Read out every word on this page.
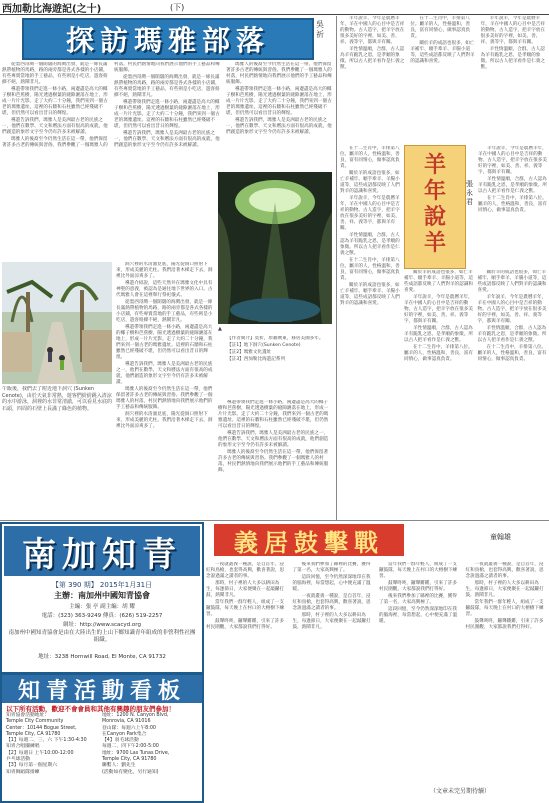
西加勒比海遊記(之十)	(下)
探訪瑪雅部落	吳 祈

從墨西哥灣一個開闊的海灣出發，就是一條長滿熱帶植物的馬路，路的兩旁都是各式各樣的小店鋪，有些專賣當地的手工藝品，有些則是小吃店，遊客絡繹不絕，熱鬧非凡。

導遊帶領我們走進一條小路，兩邊盡是高大的椰子樹和芭蕉樹，陽光透過樹葉的縫隙灑落在地上，形成一片片光影。走了大約二十分鐘，我們來到一個古老的瑪雅遺址。這裡的石牆和石柱雖然已經殘破不堪，但仍然可以看出昔日的輝煌。

導遊告訴我們，瑪雅人是美洲最古老的民族之一，他們在數學、天文和曆法方面有很高的成就，他們創造的象形文字至今仍有許多未被解讀。

瑪雅人的後裔至今仍然生活在這一帶，他們保留著許多古老的傳統與習俗。我們參觀了一個瑪雅人的村落，村民們熱情地向我們展示他們的手工藝品和傳統服飾。

從墨西哥灣一個開闊的海灣出發，就是一條長滿熱帶植物的馬路，路的兩旁都是各式各樣的小店鋪，有些專賣當地的手工藝品，有些則是小吃店，遊客絡繹不絕，熱鬧非凡。

導遊帶領我們走進一條小路，兩邊盡是高大的椰子樹和芭蕉樹，陽光透過樹葉的縫隙灑落在地上，形成一片片光影。走了大約二十分鐘，我們來到一個古老的瑪雅遺址。這裡的石牆和石柱雖然已經殘破不堪，但仍然可以看出昔日的輝煌。

導遊告訴我們，瑪雅人是美洲最古老的民族之一，他們在數學、天文和曆法方面有很高的成就，他們創造的象形文字至今仍有許多未被解讀。

瑪雅人的後裔至今仍然生活在這一帶，他們保留著許多古老的傳統與習俗。我們參觀了一個瑪雅人的村落，村民們熱情地向我們展示他們的手工藝品和傳統服飾。

導遊帶領我們走進一條小路，兩邊盡是高大的椰子樹和芭蕉樹，陽光透過樹葉的縫隙灑落在地上，形成一片片光影。走了大約二十分鐘，我們來到一個古老的瑪雅遺址。這裡的石牆和石柱雖然已經殘破不堪，但仍然可以看出昔日的輝煌。

導遊告訴我們，瑪雅人是美洲最古老的民族之一，他們在數學、天文和曆法方面有很高的成就，他們創造的象形文字至今仍有許多未被解讀。

午飯後，我們去了附近地下洞穴 (Sunken Cenote)，由於天氣非常熱，遊客們紛紛跳入清涼的水中游泳，洞裡的水非常清澈，可以看見水底的石頭，四周的石壁上長滿了綠色的植物。

洞穴裡的水清澈見底，陽光從洞口照射下來，形成美麗的光柱。我們沿著木梯走下去，洞裡比外面涼爽多了。

導遊介紹說，這些天然井在瑪雅文化中具有神聖的意義，被認為是通往地下世界的入口。古代瑪雅人會在這裡舉行祭祀儀式。

從墨西哥灣一個開闊的海灣出發，就是一條長滿熱帶植物的馬路，路的兩旁都是各式各樣的小店鋪，有些專賣當地的手工藝品，有些則是小吃店，遊客絡繹不絕，熱鬧非凡。

導遊帶領我們走進一條小路，兩邊盡是高大的椰子樹和芭蕉樹，陽光透過樹葉的縫隙灑落在地上，形成一片片光影。走了大約二十分鐘，我們來到一個古老的瑪雅遺址。這裡的石牆和石柱雖然已經殘破不堪，但仍然可以看出昔日的輝煌。

導遊告訴我們，瑪雅人是美洲最古老的民族之一，他們在數學、天文和曆法方面有很高的成就，他們創造的象形文字至今仍有許多未被解讀。

瑪雅人的後裔至今仍然生活在這一帶，他們保留著許多古老的傳統與習俗。我們參觀了一個瑪雅人的村落，村民們熱情地向我們展示他們的手工藝品和傳統服飾。

洞穴裡的水清澈見底，陽光從洞口照射下來，形成美麗的光柱。我們沿著木梯走下去，洞裡比外面涼爽多了。

▲

【作者簡介】莫祈，原籍廣東，移居美國多年。

【註1】地下洞穴(Sunken Cenote)

【註2】瑪雅文化遺址

【註3】西加勒比海遊記系列

導遊帶領我們走進一條小路，兩邊盡是高大的椰子樹和芭蕉樹，陽光透過樹葉的縫隙灑落在地上，形成一片片光影。走了大約二十分鐘，我們來到一個古老的瑪雅遺址。這裡的石牆和石柱雖然已經殘破不堪，但仍然可以看出昔日的輝煌。

導遊告訴我們，瑪雅人是美洲最古老的民族之一，他們在數學、天文和曆法方面有很高的成就，他們創造的象形文字至今仍有許多未被解讀。

瑪雅人的後裔至今仍然生活在這一帶，他們保留著許多古老的傳統與習俗。我們參觀了一個瑪雅人的村落，村民們熱情地向我們展示他們的手工藝品和傳統服飾。

羊年說羊，今年是農曆羊年，羊在中國人的心目中是吉祥的動物。古人造字，把羊字放在很多美好的字裡，如美、善、祥、義等字，都與羊有關。

羊性情溫順，合群，古人認為羊有跪乳之恩，是孝順的象徵。所以古人把羊看作是仁義之獸。

在十二生肖中，羊排第八位。屬羊的人，性格溫和，善良，富有同情心，做事認真負責。

關於羊的成語也很多，如亡羊補牢、順手牽羊、羊腸小道等，這些成語都反映了人們對羊的認識和喜愛。

羊年說羊，今年是農曆羊年，羊在中國人的心目中是吉祥的動物。古人造字，把羊字放在很多美好的字裡，如美、善、祥、義等字，都與羊有關。

羊性情溫順，合群，古人認為羊有跪乳之恩，是孝順的象徵。所以古人把羊看作是仁義之獸。

在十二生肖中，羊排第八位。屬羊的人，性格溫和，善良，富有同情心，做事認真負責。

關於羊的成語也很多，如亡羊補牢、順手牽羊、羊腸小道等，這些成語都反映了人們對羊的認識和喜愛。

羊年說羊，今年是農曆羊年，羊在中國人的心目中是吉祥的動物。古人造字，把羊字放在很多美好的字裡，如美、善、祥、義等字，都與羊有關。

羊性情溫順，合群，古人認為羊有跪乳之恩，是孝順的象徵。所以古人把羊看作是仁義之獸。

在十二生肖中，羊排第八位。屬羊的人，性格溫和，善良，富有同情心，做事認真負責。

關於羊的成語也很多，如亡羊補牢、順手牽羊、羊腸小道等，這些成語都反映了人們對羊的認識和喜愛。

羊
年
說
羊
張永君

羊年說羊，今年是農曆羊年，羊在中國人的心目中是吉祥的動物。古人造字，把羊字放在很多美好的字裡，如美、善、祥、義等字，都與羊有關。

羊性情溫順，合群，古人認為羊有跪乳之恩，是孝順的象徵。所以古人把羊看作是仁義之獸。

在十二生肖中，羊排第八位。屬羊的人，性格溫和，善良，富有同情心，做事認真負責。

關於羊的成語也很多，如亡羊補牢、順手牽羊、羊腸小道等，這些成語都反映了人們對羊的認識和喜愛。

羊年說羊，今年是農曆羊年，羊在中國人的心目中是吉祥的動物。古人造字，把羊字放在很多美好的字裡，如美、善、祥、義等字，都與羊有關。

羊性情溫順，合群，古人認為羊有跪乳之恩，是孝順的象徵。所以古人把羊看作是仁義之獸。

在十二生肖中，羊排第八位。屬羊的人，性格溫和，善良，富有同情心，做事認真負責。

關於羊的成語也很多，如亡羊補牢、順手牽羊、羊腸小道等，這些成語都反映了人們對羊的認識和喜愛。

羊年說羊，今年是農曆羊年，羊在中國人的心目中是吉祥的動物。古人造字，把羊字放在很多美好的字裡，如美、善、祥、義等字，都與羊有關。

羊性情溫順，合群，古人認為羊有跪乳之恩，是孝順的象徵。所以古人把羊看作是仁義之獸。

在十二生肖中，羊排第八位。屬羊的人，性格溫和，善良，富有同情心，做事認真負責。

南加知青
【第 390 期】 2015年1月31日
主辦：南加州中國知青協會
主編：張 亭 副主編：胡 耀
電話：(323) 363-9249 傳真：(626) 519-2257
網址：http://www.scacyd.org
南加州中國知青協會是由在大陸出生的上山下鄉知識青年組成的非營利性社團組織。
地址：3238 Hornwill Road, El Monte, CA 91732
知青活動看板
以下所有活動，歡迎不會會員和其他有興趣的朋友們參加！
知青協會活動地址：
Temple City Community
Center：10144 Bogue Street,
Temple City, CA 91780
【1】每週二、三、六 下午1:30-4:30
知青合唱團練唱
【2】每週日 上午10:00-12:00
乒乓球活動
【3】每月第一個星期六
知青舞蹈隊排練
地址：1200 N. Canyon Blvd,
Monrovia, CA 91016
登山隊：每週六上午8:00
在Canyon Park集合
【4】羽毛球活動
每週二、四下午2:00-5:00
地址：9700 Las Tunas Drive,
Temple City, CA 91780
聯繫人：劉先生
(活動如有變化，另行通知)
義居鼓擊戰	童翰雄

一夜就叢義一種說，是自首年，浸紅和鳥槍，也套得高興，歡喜著說，思念說過滿之讀者的事。

那時，村子裡的人大多以耕田為生，每逢節日，大家便聚在一起敲鑼打鼓，熱鬧非凡。

當年我們一群年輕人，組成了一支鑼鼓隊，每天晚上在村口的大榕樹下練習。

鼓聲咚咚，鑼聲鏘鏘，引來了許多村民圍觀，大家都說我們打得好。

後來我們參加了縣裡的比賽，獲得了第一名，大家高興極了。

這段回憶，至今仍然深深地印在我的腦海裡，每當想起，心中便充滿了溫暖。

一夜就叢義一種說，是自首年，浸紅和鳥槍，也套得高興，歡喜著說，思念說過滿之讀者的事。

那時，村子裡的人大多以耕田為生，每逢節日，大家便聚在一起敲鑼打鼓，熱鬧非凡。

當年我們一群年輕人，組成了一支鑼鼓隊，每天晚上在村口的大榕樹下練習。

鼓聲咚咚，鑼聲鏘鏘，引來了許多村民圍觀，大家都說我們打得好。

後來我們參加了縣裡的比賽，獲得了第一名，大家高興極了。

這段回憶，至今仍然深深地印在我的腦海裡，每當想起，心中便充滿了溫暖。

一夜就叢義一種說，是自首年，浸紅和鳥槍，也套得高興，歡喜著說，思念說過滿之讀者的事。

那時，村子裡的人大多以耕田為生，每逢節日，大家便聚在一起敲鑼打鼓，熱鬧非凡。

當年我們一群年輕人，組成了一支鑼鼓隊，每天晚上在村口的大榕樹下練習。

鼓聲咚咚，鑼聲鏘鏘，引來了許多村民圍觀，大家都說我們打得好。

（文章未完另期待續）
